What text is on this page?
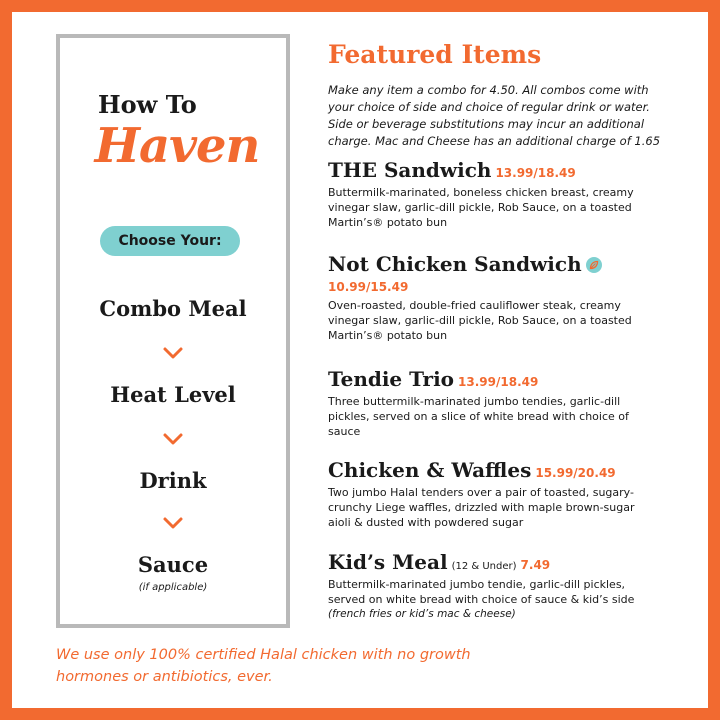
How To
Haven
Choose Your:
Combo Meal
Heat Level
Drink
Sauce
(if applicable)
Featured Items
Make any item a combo for 4.50. All combos come with your choice of side and choice of regular drink or water. Side or beverage substitutions may incur an additional charge. Mac and Cheese has an additional charge of 1.65
THE Sandwich 13.99/18.49
Buttermilk-marinated, boneless chicken breast, creamy vinegar slaw, garlic-dill pickle, Rob Sauce, on a toasted Martin’s® potato bun
Not Chicken Sandwich
10.99/15.49
Oven-roasted, double-fried cauliflower steak, creamy vinegar slaw, garlic-dill pickle, Rob Sauce, on a toasted Martin’s® potato bun
Tendie Trio 13.99/18.49
Three buttermilk-marinated jumbo tendies, garlic-dill pickles, served on a slice of white bread with choice of sauce
Chicken & Waffles 15.99/20.49
Two jumbo Halal tenders over a pair of toasted, sugary-crunchy Liege waffles, drizzled with maple brown-sugar aioli & dusted with powdered sugar
Kid’s Meal (12 & Under) 7.49
Buttermilk-marinated jumbo tendie, garlic-dill pickles, served on white bread with choice of sauce & kid’s side
(french fries or kid’s mac & cheese)
We use only 100% certified Halal chicken with no growth hormones or antibiotics, ever.
